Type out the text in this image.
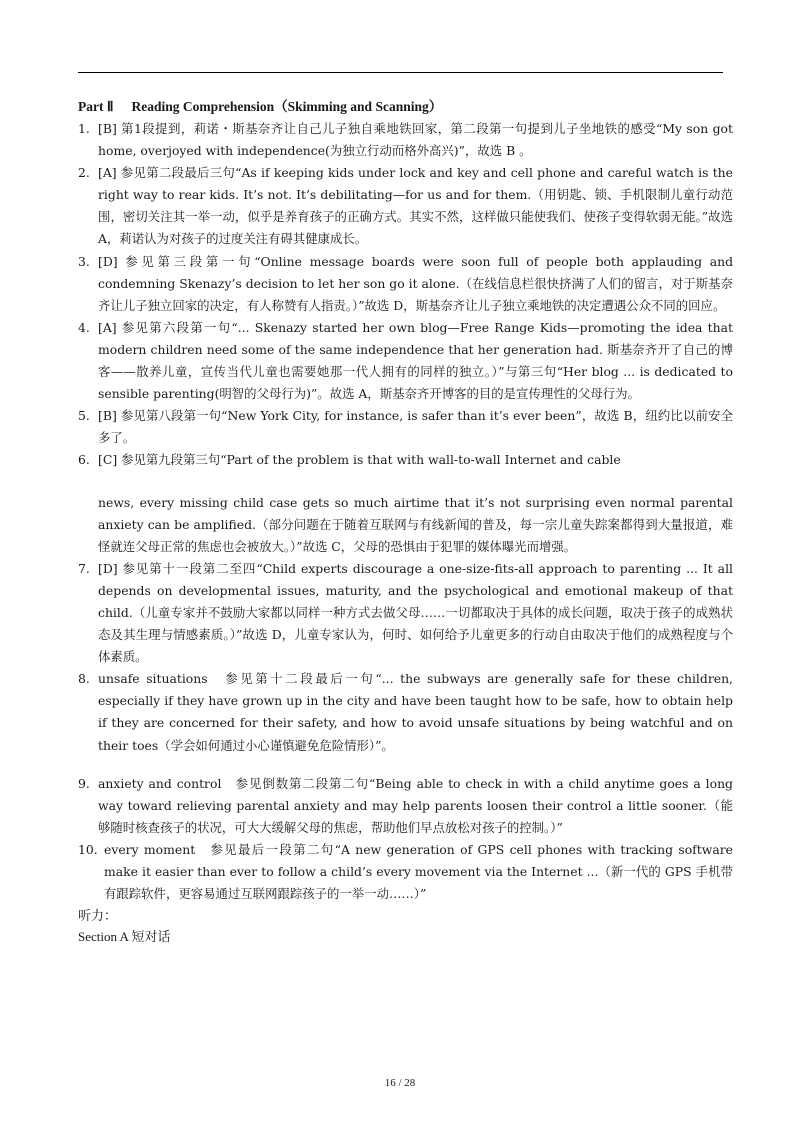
Part Ⅱ Reading Comprehension（Skimming and Scanning）
1. [B] 第1段提到，莉诺・斯基奈齐让自己儿子独自乘地铁回家，第二段第一句提到儿子坐地铁的感受“My son got home, overjoyed with independence(为独立行动而格外高兴)”，故选 B 。
2. [A] 参见第二段最后三句“As if keeping kids under lock and key and cell phone and careful watch is the right way to rear kids. It’s not. It’s debilitating—for us and for them.（用钥匙、锁、手机限制儿童行动范围，密切关注其一举一动，似乎是养育孩子的正确方式。其实不然，这样做只能使我们、使孩子变得软弱无能。”故选 A，莉诺认为对孩子的过度关注有碍其健康成长。
3. [D] 参见第三段第一句“Online message boards were soon full of people both applauding and condemning Skenazy’s decision to let her son go it alone.（在线信息栏很快挤满了人们的留言，对于斯基奈齐让儿子独立回家的决定，有人称赞有人指责。）”故选 D，斯基奈齐让儿子独立乘地铁的决定遭遇公众不同的回应。
4. [A] 参见第六段第一句“... Skenazy started her own blog—Free Range Kids—promoting the idea that modern children need some of the same independence that her generation had. 斯基奈齐开了自己的博客——散养儿童，宣传当代儿童也需要她那一代人拥有的同样的独立。）”与第三句“Her blog ... is dedicated to sensible parenting(明智的父母行为)”。故选 A，斯基奈齐开博客的目的是宣传理性的父母行为。
5. [B] 参见第八段第一句“New York City, for instance, is safer than it’s ever been”，故选 B，纽约比以前安全多了。
6. [C] 参见第九段第三句“Part of the problem is that with wall-to-wall Internet and cable
news, every missing child case gets so much airtime that it’s not surprising even normal parental anxiety can be amplified.（部分问题在于随着互联网与有线新闻的普及，每一宗儿童失踪案都得到大量报道，难怪就连父母正常的焦虑也会被放大。）”故选 C，父母的恐惧由于犯罪的媒体曝光而增强。
7. [D] 参见第十一段第二至四“Child experts discourage a one-size-fits-all approach to parenting ... It all depends on developmental issues, maturity, and the psychological and emotional makeup of that child.（儿童专家并不鼓励大家都以同样一种方式去做父母……一切都取决于具体的成长问题，取决于孩子的成熟状态及其生理与情感素质。）”故选 D，儿童专家认为，何时、如何给予儿童更多的行动自由取决于他们的成熟程度与个体素质。
8. unsafe situations　参见第十二段最后一句“... the subways are generally safe for these children, especially if they have grown up in the city and have been taught how to be safe, how to obtain help if they are concerned for their safety, and how to avoid unsafe situations by being watchful and on their toes（学会如何通过小心谨慎避免危险情形）”。
9. anxiety and control　参见倒数第二段第二句“Being able to check in with a child anytime goes a long way toward relieving parental anxiety and may help parents loosen their control a little sooner.（能够随时核查孩子的状况，可大大缓解父母的焦虑，帮助他们早点放松对孩子的控制。）”
10. every moment　参见最后一段第二句“A new generation of GPS cell phones with tracking software make it easier than ever to follow a child’s every movement via the Internet ...（新一代的 GPS 手机带有跟踪软件，更容易通过互联网跟踪孩子的一举一动……）”
听力：
Section A 短对话
16 / 28
